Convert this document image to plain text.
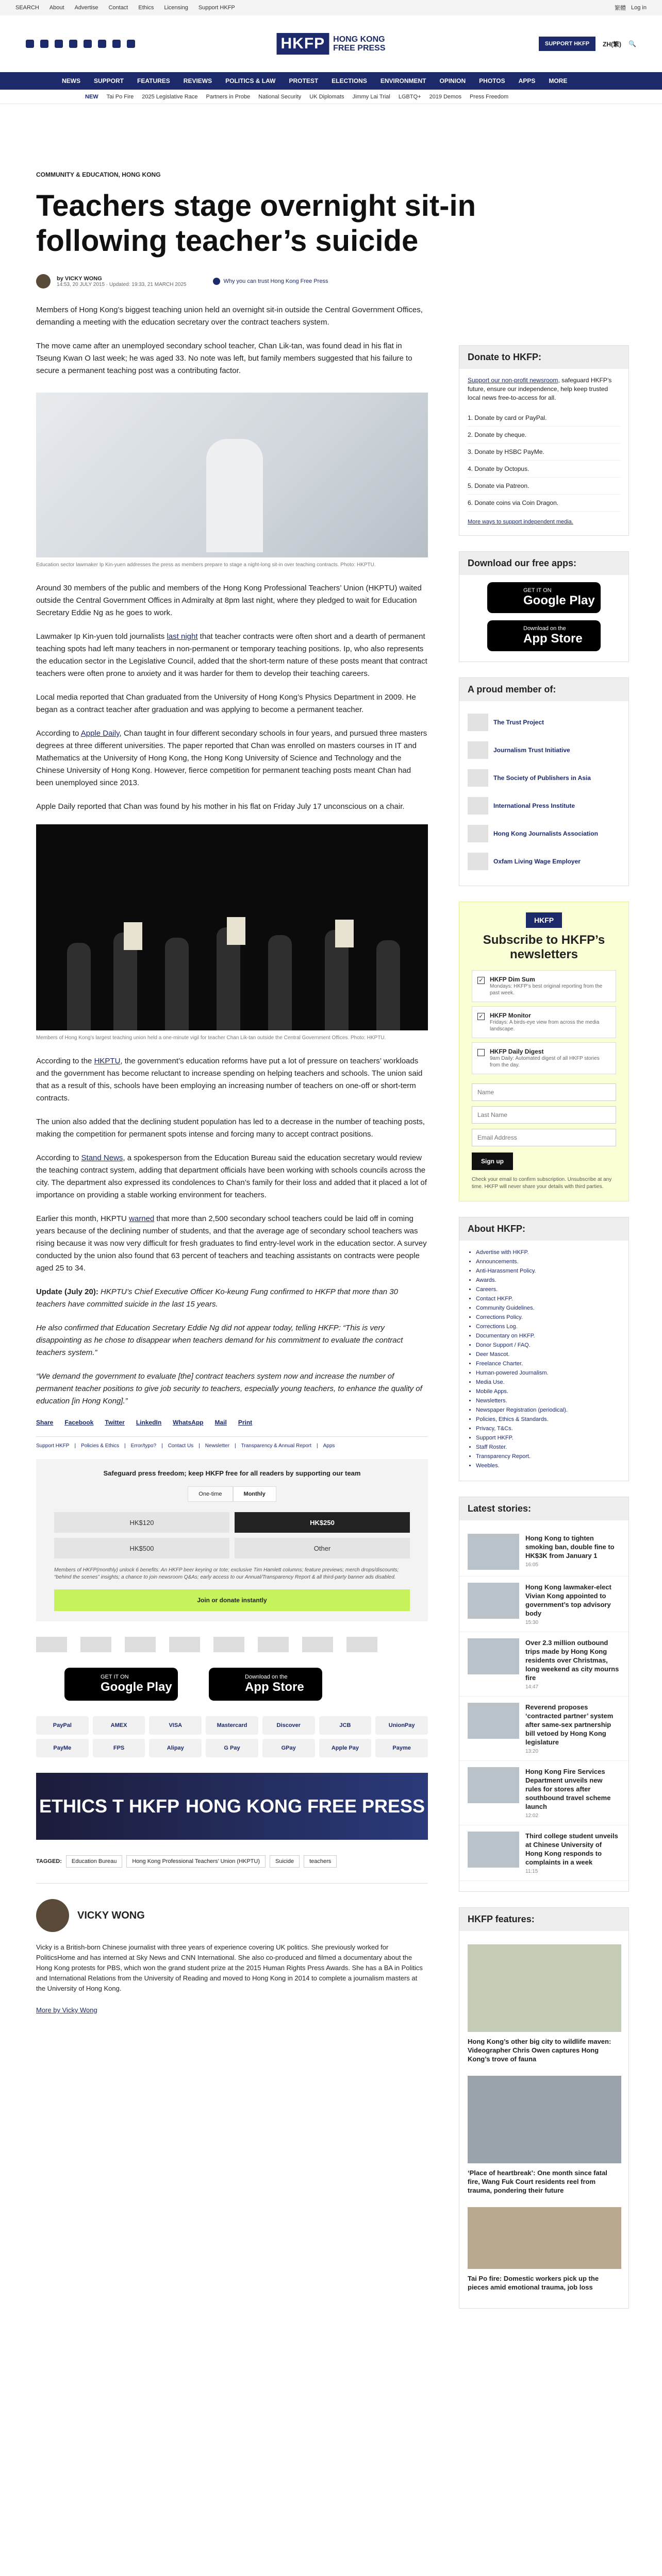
SEARCH About Advertise Contact Ethics Licensing Support HKFP	繁體 Log in
HKFP	HONG KONG
FREE PRESS	SUPPORT HKFP	ZH(繁) 🔍
NEWS SUPPORT FEATURES REVIEWS POLITICS & LAW PROTEST ELECTIONS ENVIRONMENT OPINION PHOTOS APPS MORE
NEW Tai Po Fire 2025 Legislative Race Partners in Probe National Security UK Diplomats Jimmy Lai Trial LGBTQ+ 2019 Demos Press Freedom
COMMUNITY & EDUCATION, HONG KONG
Teachers stage overnight sit-in following teacher’s suicide
by VICKY WONG
14:53, 20 JULY 2015 · Updated: 19:33, 21 MARCH 2025	Why you can trust Hong Kong Free Press

Members of Hong Kong’s biggest teaching union held an overnight sit-in outside the Central Government Offices, demanding a meeting with the education secretary over the contract teachers system.

The move came after an unemployed secondary school teacher, Chan Lik-tan, was found dead in his flat in Tseung Kwan O last week; he was aged 33. No note was left, but family members suggested that his failure to secure a permanent teaching post was a contributing factor.

Education sector lawmaker Ip Kin-yuen addresses the press as members prepare to stage a night-long sit-in over teaching contracts. Photo: HKPTU.

Around 30 members of the public and members of the Hong Kong Professional Teachers’ Union (HKPTU) waited outside the Central Government Offices in Admiralty at 8pm last night, where they pledged to wait for Education Secretary Eddie Ng as he goes to work.

Lawmaker Ip Kin-yuen told journalists last night that teacher contracts were often short and a dearth of permanent teaching spots had left many teachers in non-permanent or temporary teaching positions. Ip, who also represents the education sector in the Legislative Council, added that the short-term nature of these posts meant that contract teachers were often prone to anxiety and it was harder for them to develop their teaching careers.

Local media reported that Chan graduated from the University of Hong Kong’s Physics Department in 2009. He began as a contract teacher after graduation and was applying to become a permanent teacher.

According to Apple Daily, Chan taught in four different secondary schools in four years, and pursued three masters degrees at three different universities. The paper reported that Chan was enrolled on masters courses in IT and Mathematics at the University of Hong Kong, the Hong Kong University of Science and Technology and the Chinese University of Hong Kong. However, fierce competition for permanent teaching posts meant Chan had been unemployed since 2013.

Apple Daily reported that Chan was found by his mother in his flat on Friday July 17 unconscious on a chair.

Members of Hong Kong’s largest teaching union held a one-minute vigil for teacher Chan Lik-tan outside the Central Government Offices. Photo: HKPTU.

According to the HKPTU, the government’s education reforms have put a lot of pressure on teachers’ workloads and the government has become reluctant to increase spending on helping teachers and schools. The union said that as a result of this, schools have been employing an increasing number of teachers on one-off or short-term contracts.

The union also added that the declining student population has led to a decrease in the number of teaching posts, making the competition for permanent spots intense and forcing many to accept contract positions.

According to Stand News, a spokesperson from the Education Bureau said the education secretary would review the teaching contract system, adding that department officials have been working with schools councils across the city. The department also expressed its condolences to Chan’s family for their loss and added that it placed a lot of importance on providing a stable working environment for teachers.

Earlier this month, HKPTU warned that more than 2,500 secondary school teachers could be laid off in coming years because of the declining number of students, and that the average age of secondary school teachers was rising because it was now very difficult for fresh graduates to find entry-level work in the education sector. A survey conducted by the union also found that 63 percent of teachers and teaching assistants on contracts were people aged 25 to 34.

Update (July 20): HKPTU’s Chief Executive Officer Ko-keung Fung confirmed to HKFP that more than 30 teachers have committed suicide in the last 15 years.

He also confirmed that Education Secretary Eddie Ng did not appear today, telling HKFP: “This is very disappointing as he chose to disappear when teachers demand for his commitment to evaluate the contract teachers system.”

“We demand the government to evaluate [the] contract teachers system now and increase the number of permanent teacher positions to give job security to teachers, especially young teachers, to enhance the quality of education [in Hong Kong].”

Share Facebook Twitter LinkedIn WhatsApp Mail Print
Support HKFP | Policies & Ethics | Error/typo? | Contact Us | Newsletter | Transparency & Annual Report | Apps
Safeguard press freedom; keep HKFP free for all readers by supporting our team
One-time	Monthly
HK$120	HK$250
HK$500	Other
Members of HKFP(monthly) unlock 6 benefits: An HKFP beer keyring or tote; exclusive Tim Hamlett columns; feature previews; merch drops/discounts; “behind the scenes” insights; a chance to join newsroom Q&As; early access to our Annual/Transparency Report & all third-party banner ads disabled.
Join or donate instantly
GET IT ON
Google Play
Download on the
App Store
PayPal	AMEX	VISA	Mastercard	Discover	JCB	UnionPay
PayMe	FPS	Alipay	G Pay	GPay	Apple Pay	Payme
ETHICS T HKFP HONG KONG FREE PRESS
TAGGED:	Education Bureau	Hong Kong Professional Teachers’ Union (HKPTU)	Suicide	teachers
VICKY WONG

Vicky is a British-born Chinese journalist with three years of experience covering UK politics. She previously worked for PoliticsHome and has interned at Sky News and CNN International. She also co-produced and filmed a documentary about the Hong Kong protests for PBS, which won the grand student prize at the 2015 Human Rights Press Awards. She has a BA in Politics and International Relations from the University of Reading and moved to Hong Kong in 2014 to complete a journalism masters at the University of Hong Kong.

More by Vicky Wong

Donate to HKFP:
Support our non-profit newsroom, safeguard HKFP’s future, ensure our independence, help keep trusted local news free-to-access for all.
1. Donate by card or PayPal.
2. Donate by cheque.
3. Donate by HSBC PayMe.
4. Donate by Octopus.
5. Donate via Patreon.
6. Donate coins via Coin Dragon.
More ways to support independent media.
Download our free apps:
GET IT ON
Google Play
Download on the
App Store
A proud member of:
The Trust Project
Journalism Trust Initiative
The Society of Publishers in Asia
International Press Institute
Hong Kong Journalists Association
Oxfam Living Wage Employer
HKFP
Subscribe to HKFP’s newsletters
✓ HKFP Dim Sum
Mondays: HKFP’s best original reporting from the past week.
✓ HKFP Monitor
Fridays: A birds-eye view from across the media landscape.
HKFP Daily Digest
9am Daily: Automated digest of all HKFP stories from the day.
Name Last Name Email Address Sign up
Check your email to confirm subscription. Unsubscribe at any time. HKFP will never share your details with third parties.
About HKFP:
• Advertise with HKFP.
• Announcements.
• Anti-Harassment Policy.
• Awards.
• Careers.
• Contact HKFP.
• Community Guidelines.
• Corrections Policy.
• Corrections Log.
• Documentary on HKFP.
• Donor Support / FAQ.
• Deer Mascot.
• Freelance Charter.
• Human-powered Journalism.
• Media Use.
• Mobile Apps.
• Newsletters.
• Newspaper Registration (periodical).
• Policies, Ethics & Standards.
• Privacy, T&Cs.
• Support HKFP.
• Staff Roster.
• Transparency Report.
• Weebles.
Latest stories:
Hong Kong to tighten smoking ban, double fine to HK$3K from January 1
16:05
Hong Kong lawmaker-elect Vivian Kong appointed to government’s top advisory body
15:30
Over 2.3 million outbound trips made by Hong Kong residents over Christmas, long weekend as city mourns fire
14:47
Reverend proposes ‘contracted partner’ system after same-sex partnership bill vetoed by Hong Kong legislature
13:20
Hong Kong Fire Services Department unveils new rules for stores after southbound travel scheme launch
12:02
Third college student unveils at Chinese University of Hong Kong responds to complaints in a week
11:15
HKFP features:
Hong Kong’s other big city to wildlife maven: Videographer Chris Owen captures Hong Kong’s trove of fauna
‘Place of heartbreak’: One month since fatal fire, Wang Fuk Court residents reel from trauma, pondering their future
Tai Po fire: Domestic workers pick up the pieces amid emotional trauma, job loss
